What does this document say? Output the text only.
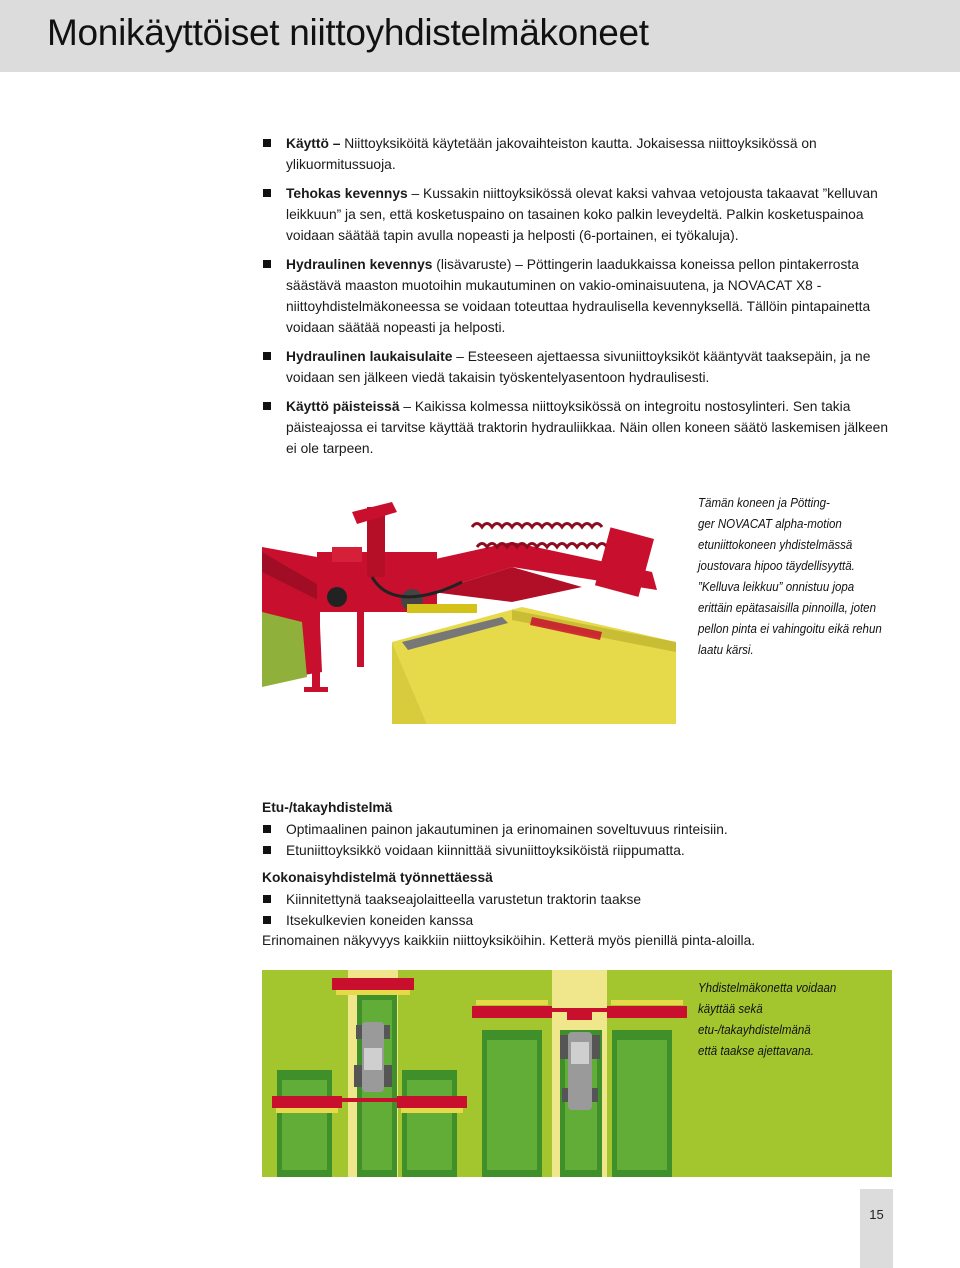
Monikäyttöiset niittoyhdistelmäkoneet
Käyttö – Niittoyksiköitä käytetään jakovaihteiston kautta. Jokaisessa niittoyksikössä on ylikuormitussuoja.
Tehokas kevennys – Kussakin niittoyksikössä olevat kaksi vahvaa vetojousta takaavat ”kelluvan leikkuun” ja sen, että kosketuspaino on tasainen koko palkin leveydeltä. Palkin kosketuspainoa voidaan säätää tapin avulla nopeasti ja helposti (6-portainen, ei työkaluja).
Hydraulinen kevennys (lisävaruste) – Pöttingerin laadukkaissa koneissa pellon pintakerrosta säästävä maaston muotoihin mukautuminen on vakio-ominaisuutena, ja NOVACAT X8 -niittoyhdistelmäkoneessa se voidaan toteuttaa hydraulisella kevennyksellä. Tällöin pintapainetta voidaan säätää nopeasti ja helposti.
Hydraulinen laukaisulaite – Esteeseen ajettaessa sivuniittoyksiköt kääntyvät taaksepäin, ja ne voidaan sen jälkeen viedä takaisin työskentelyasentoon hydraulisesti.
Käyttö päisteissä – Kaikissa kolmessa niittoyksikössä on integroitu nostosylinteri. Sen takia päisteajossa ei tarvitse käyttää traktorin hydrauliikkaa. Näin ollen koneen säätö laskemisen jälkeen ei ole tarpeen.

Tämän koneen ja Pötting-

ger NOVACAT alpha-motion

etuniittokoneen yhdistelmässä

joustovara hipoo täydellisyyttä.

”Kelluva leikkuu” onnistuu jopa

erittäin epätasaisilla pinnoilla, joten

pellon pinta ei vahingoitu eikä rehun

laatu kärsi.

Etu-/takayhdistelmä
Optimaalinen painon jakautuminen ja erinomainen soveltuvuus rinteisiin.
Etuniittoyksikkö voidaan kiinnittää sivuniittoyksiköistä riippumatta.
Kokonaisyhdistelmä työnnettäessä
Kiinnitettynä taakseajolaitteella varustetun traktorin taakse
Itsekulkevien koneiden kanssa
Erinomainen näkyvyys kaikkiin niittoyksiköihin. Ketterä myös pienillä pinta-aloilla.

Yhdistelmäkonetta voidaan

käyttää sekä

etu-/takayhdistelmänä

että taakse ajettavana.

15
